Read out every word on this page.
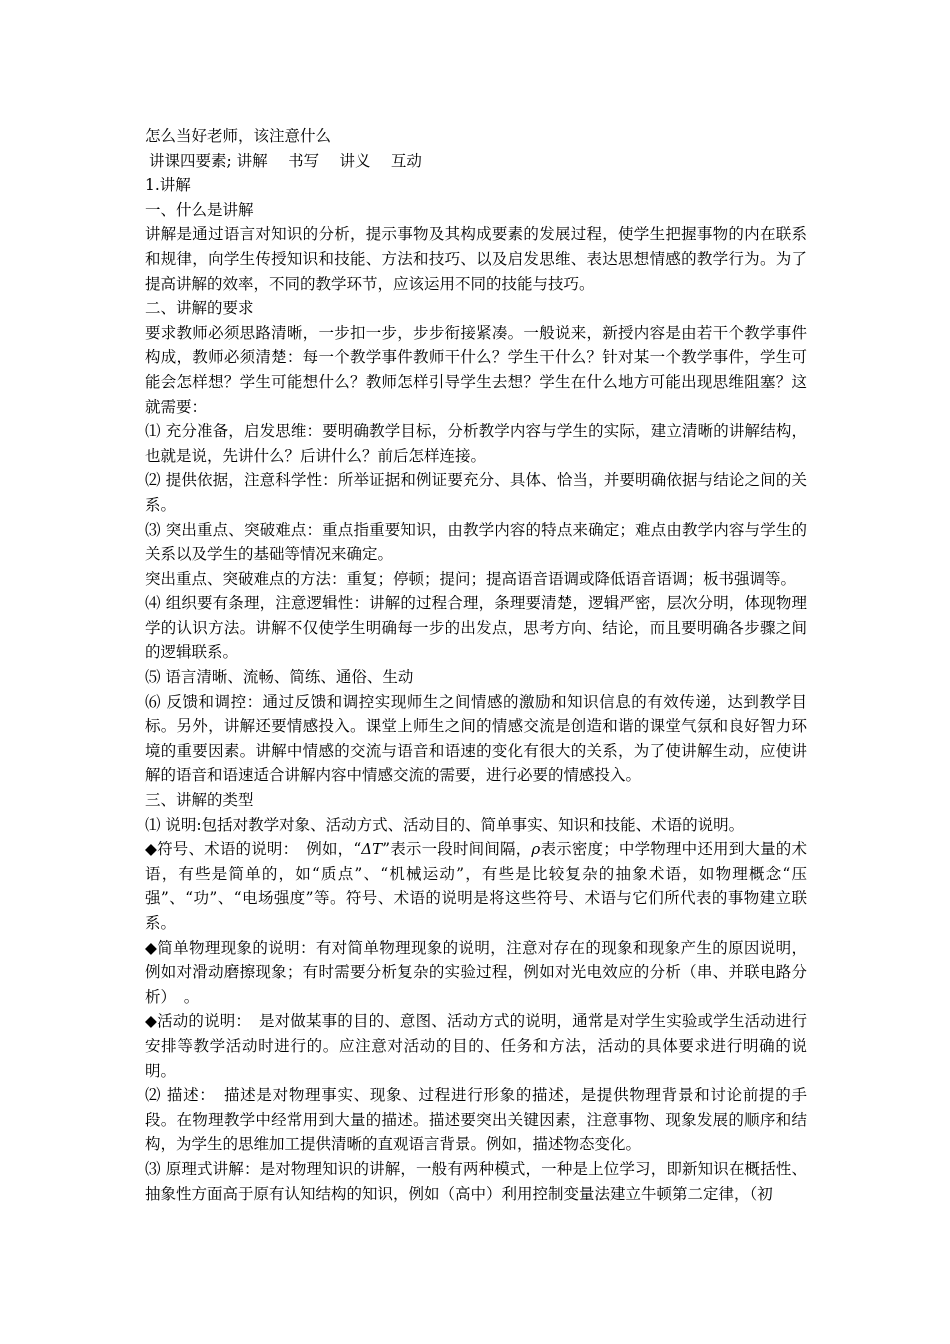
怎么当好老师，该注意什么

讲课四要素; 讲解　 书写　 讲义　 互动

1.讲解

一、什么是讲解

讲解是通过语言对知识的分析，提示事物及其构成要素的发展过程，使学生把握事物的内在联系和规律，向学生传授知识和技能、方法和技巧、以及启发思维、表达思想情感的教学行为。为了提高讲解的效率，不同的教学环节，应该运用不同的技能与技巧。

二、讲解的要求

要求教师必须思路清晰，一步扣一步，步步衔接紧凑。一般说来，新授内容是由若干个教学事件构成，教师必须清楚：每一个教学事件教师干什么？学生干什么？针对某一个教学事件，学生可能会怎样想？学生可能想什么？教师怎样引导学生去想？学生在什么地方可能出现思维阻塞？这就需要：

⑴ 充分准备，启发思维：要明确教学目标，分析教学内容与学生的实际，建立清晰的讲解结构，也就是说，先讲什么？后讲什么？前后怎样连接。

⑵ 提供依据，注意科学性：所举证据和例证要充分、具体、恰当，并要明确依据与结论之间的关系。

⑶ 突出重点、突破难点：重点指重要知识，由教学内容的特点来确定；难点由教学内容与学生的关系以及学生的基础等情况来确定。

突出重点、突破难点的方法：重复；停顿；提问；提高语音语调或降低语音语调；板书强调等。

⑷ 组织要有条理，注意逻辑性：讲解的过程合理，条理要清楚，逻辑严密，层次分明，体现物理学的认识方法。讲解不仅使学生明确每一步的出发点，思考方向、结论，而且要明确各步骤之间的逻辑联系。

⑸ 语言清晰、流畅、简练、通俗、生动

⑹ 反馈和调控：通过反馈和调控实现师生之间情感的激励和知识信息的有效传递，达到教学目标。另外，讲解还要情感投入。课堂上师生之间的情感交流是创造和谐的课堂气氛和良好智力环境的重要因素。讲解中情感的交流与语音和语速的变化有很大的关系，为了使讲解生动，应使讲解的语音和语速适合讲解内容中情感交流的需要，进行必要的情感投入。

三、讲解的类型

⑴ 说明:包括对教学对象、活动方式、活动目的、简单事实、知识和技能、术语的说明。

◆符号、术语的说明：　例如，“ΔT”表示一段时间间隔，ρ表示密度；中学物理中还用到大量的术语，有些是简单的，如“质点”、“机械运动”，有些是比较复杂的抽象术语，如物理概念“压强”、“功”、“电场强度”等。符号、术语的说明是将这些符号、术语与它们所代表的事物建立联系。

◆简单物理现象的说明：有对简单物理现象的说明，注意对存在的现象和现象产生的原因说明，例如对滑动磨擦现象；有时需要分析复杂的实验过程，例如对光电效应的分析（串、并联电路分析）　。

◆活动的说明：　是对做某事的目的、意图、活动方式的说明，通常是对学生实验或学生活动进行安排等教学活动时进行的。应注意对活动的目的、任务和方法，活动的具体要求进行明确的说明。

⑵ 描述：　描述是对物理事实、现象、过程进行形象的描述，是提供物理背景和讨论前提的手段。在物理教学中经常用到大量的描述。描述要突出关键因素，注意事物、现象发展的顺序和结构，为学生的思维加工提供清晰的直观语言背景。例如，描述物态变化。

⑶ 原理式讲解：是对物理知识的讲解，一般有两种模式，一种是上位学习，即新知识在概括性、抽象性方面高于原有认知结构的知识，例如（高中）利用控制变量法建立牛顿第二定律，（初
